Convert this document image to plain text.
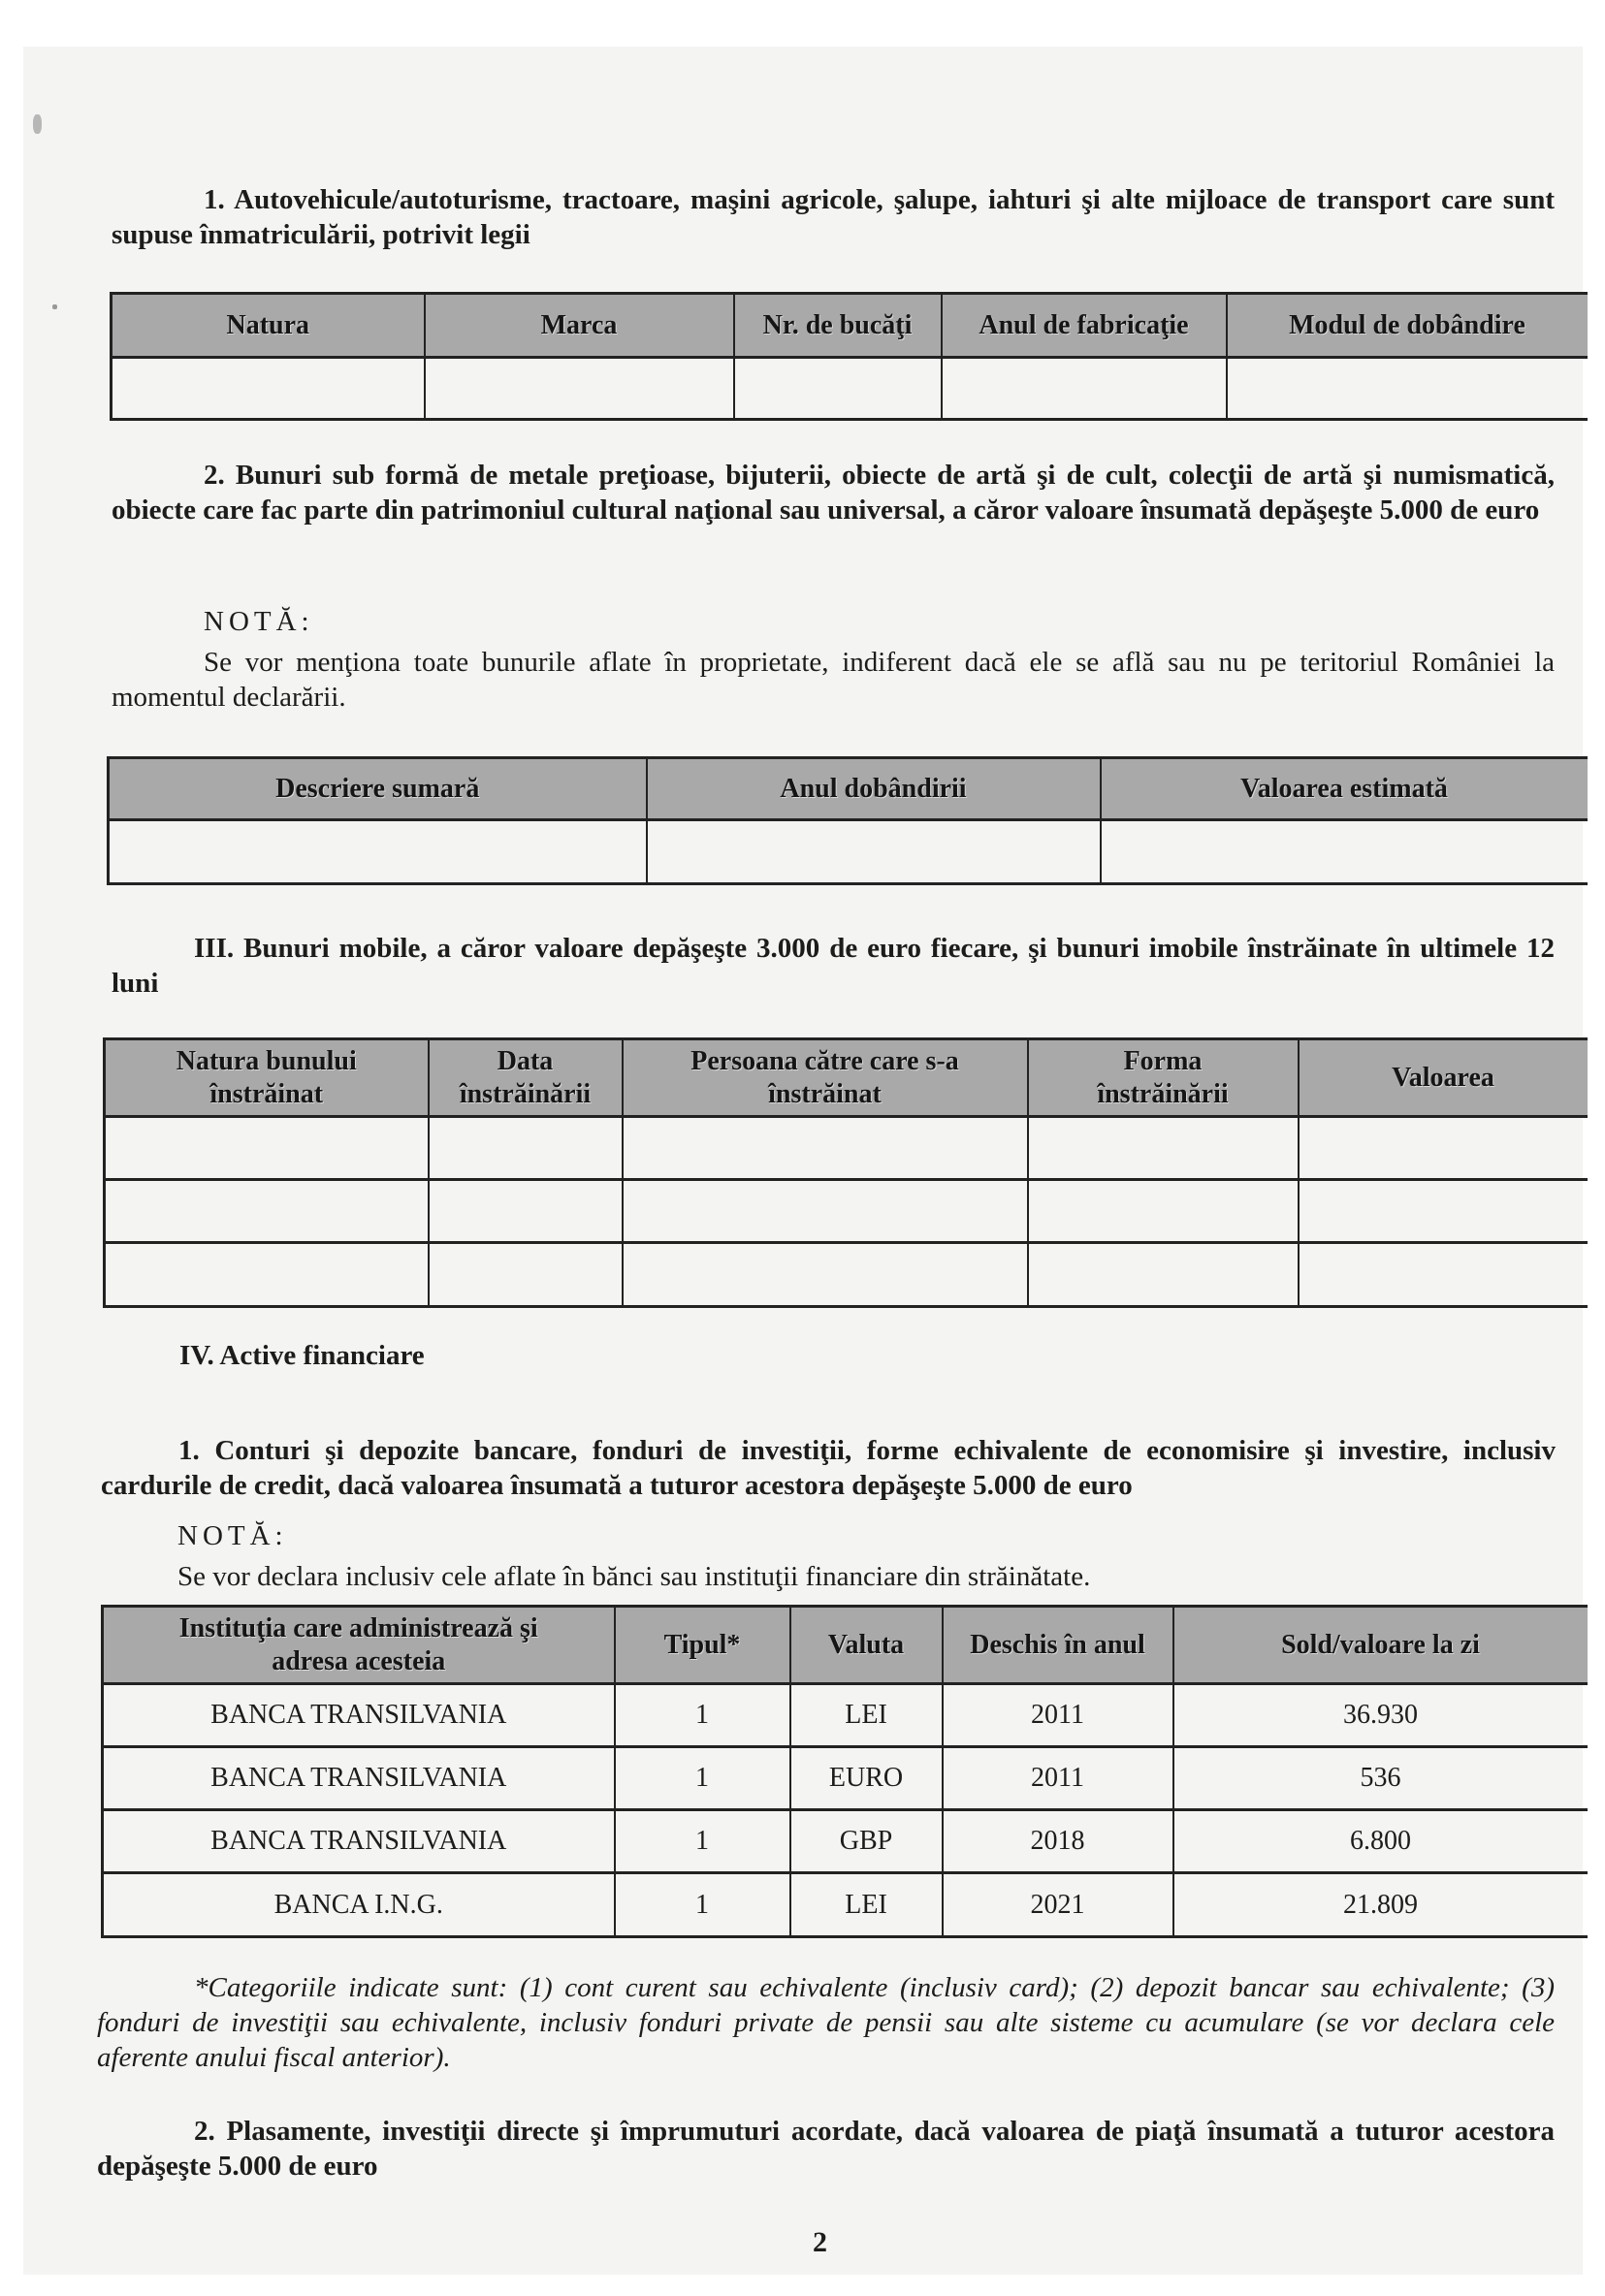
1. Autovehicule/autoturisme, tractoare, maşini agricole, şalupe, iahturi şi alte mijloace de transport care sunt supuse înmatriculării, potrivit legii
Natura	Marca	Nr. de bucăţi	Anul de fabricaţie	Modul de dobândire

2. Bunuri sub formă de metale preţioase, bijuterii, obiecte de artă şi de cult, colecţii de artă şi numismatică, obiecte care fac parte din patrimoniul cultural naţional sau universal, a căror valoare însumată depăşeşte 5.000 de euro
NOTĂ:
Se vor menţiona toate bunurile aflate în proprietate, indiferent dacă ele se află sau nu pe teritoriul României la momentul declarării.
Descriere sumară	Anul dobândirii	Valoarea estimată

III. Bunuri mobile, a căror valoare depăşeşte 3.000 de euro fiecare, şi bunuri imobile înstrăinate în ultimele 12 luni
Natura bunului înstrăinat	Data înstrăinării	Persoana către care s-a înstrăinat	Forma înstrăinării	Valoarea

IV. Active financiare
1. Conturi şi depozite bancare, fonduri de investiţii, forme echivalente de economisire şi investire, inclusiv cardurile de credit, dacă valoarea însumată a tuturor acestora depăşeşte 5.000 de euro
NOTĂ:
Se vor declara inclusiv cele aflate în bănci sau instituţii financiare din străinătate.
Instituţia care administrează şi adresa acesteia	Tipul*	Valuta	Deschis în anul	Sold/valoare la zi
BANCA TRANSILVANIA	1	LEI	2011	36.930
BANCA TRANSILVANIA	1	EURO	2011	536
BANCA TRANSILVANIA	1	GBP	2018	6.800
BANCA I.N.G.	1	LEI	2021	21.809
*Categoriile indicate sunt: (1) cont curent sau echivalente (inclusiv card); (2) depozit bancar sau echivalente; (3) fonduri de investiţii sau echivalente, inclusiv fonduri private de pensii sau alte sisteme cu acumulare (se vor declara cele aferente anului fiscal anterior).
2. Plasamente, investiţii directe şi împrumuturi acordate, dacă valoarea de piaţă însumată a tuturor acestora depăşeşte 5.000 de euro
2
